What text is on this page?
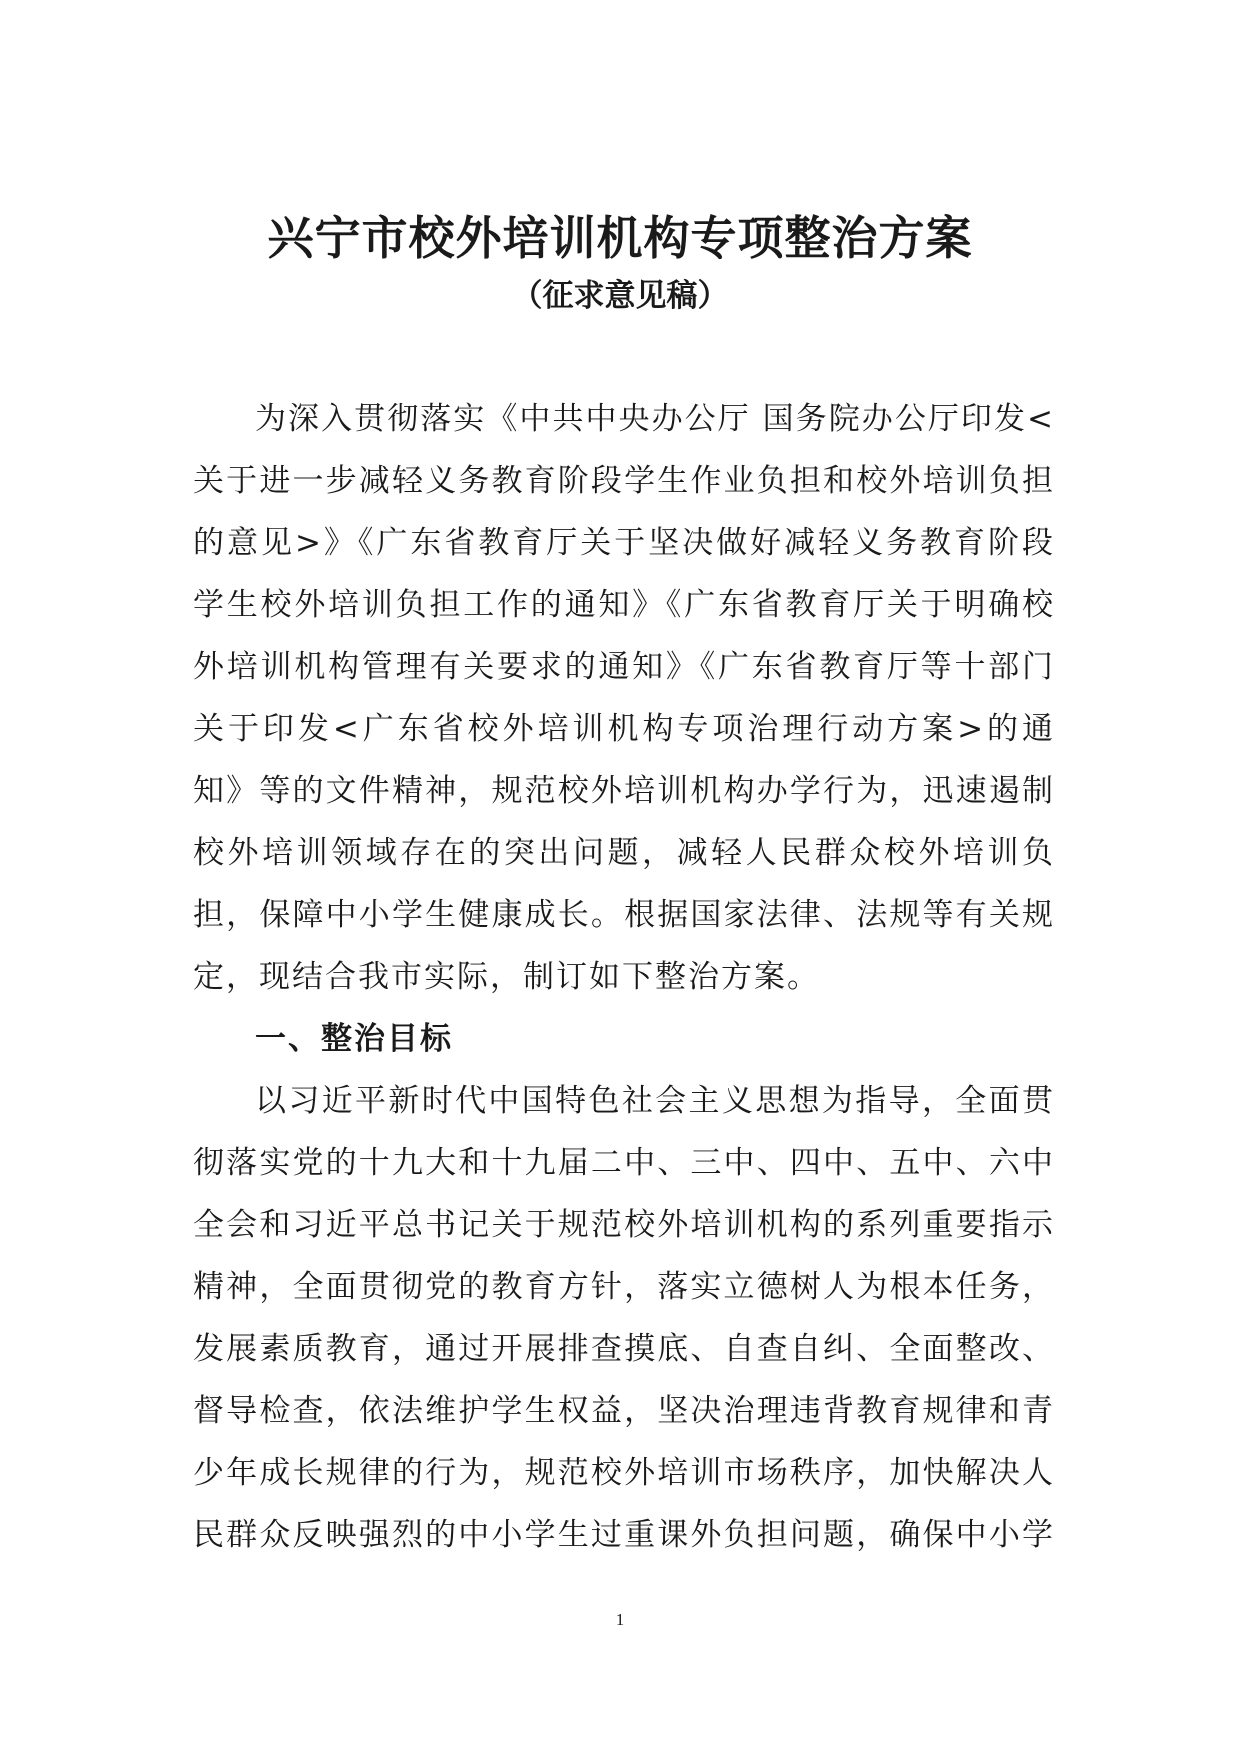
兴宁市校外培训机构专项整治方案
（征求意见稿）

为深入贯彻落实《中共中央办公厅 国务院办公厅印发<关于进一步减轻义务教育阶段学生作业负担和校外培训负担的意见>》《广东省教育厅关于坚决做好减轻义务教育阶段学生校外培训负担工作的通知》《广东省教育厅关于明确校外培训机构管理有关要求的通知》《广东省教育厅等十部门关于印发<广东省校外培训机构专项治理行动方案>的通知》等的文件精神，规范校外培训机构办学行为，迅速遏制校外培训领域存在的突出问题，减轻人民群众校外培训负担，保障中小学生健康成长。根据国家法律、法规等有关规定，现结合我市实际，制订如下整治方案。

一、整治目标

以习近平新时代中国特色社会主义思想为指导，全面贯彻落实党的十九大和十九届二中、三中、四中、五中、六中全会和习近平总书记关于规范校外培训机构的系列重要指示精神，全面贯彻党的教育方针，落实立德树人为根本任务，发展素质教育，通过开展排查摸底、自查自纠、全面整改、督导检查，依法维护学生权益，坚决治理违背教育规律和青少年成长规律的行为，规范校外培训市场秩序，加快解决人民群众反映强烈的中小学生过重课外负担问题，确保中小学

1
